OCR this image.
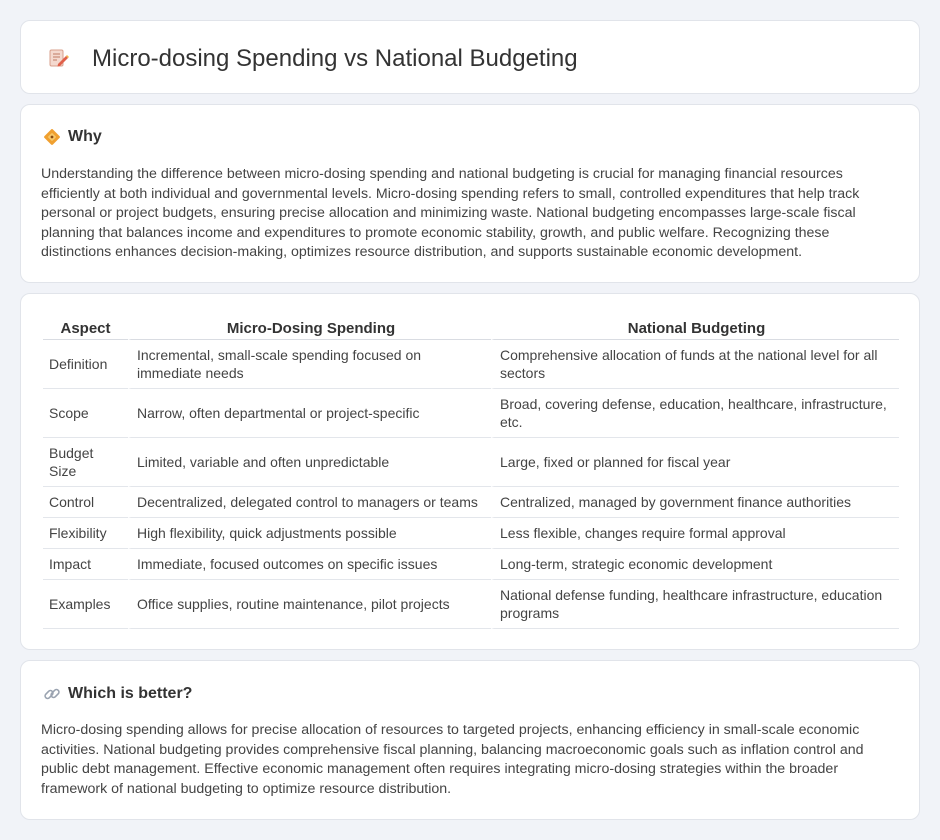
Micro-dosing Spending vs National Budgeting
Why

Understanding the difference between micro-dosing spending and national budgeting is crucial for managing financial resources efficiently at both individual and governmental levels. Micro-dosing spending refers to small, controlled expenditures that help track personal or project budgets, ensuring precise allocation and minimizing waste. National budgeting encompasses large-scale fiscal planning that balances income and expenditures to promote economic stability, growth, and public welfare. Recognizing these distinctions enhances decision-making, optimizes resource distribution, and supports sustainable economic development.

Aspect	Micro-Dosing Spending	National Budgeting
Definition	Incremental, small-scale spending focused on immediate needs	Comprehensive allocation of funds at the national level for all sectors
Scope	Narrow, often departmental or project-specific	Broad, covering defense, education, healthcare, infrastructure, etc.
Budget Size	Limited, variable and often unpredictable	Large, fixed or planned for fiscal year
Control	Decentralized, delegated control to managers or teams	Centralized, managed by government finance authorities
Flexibility	High flexibility, quick adjustments possible	Less flexible, changes require formal approval
Impact	Immediate, focused outcomes on specific issues	Long-term, strategic economic development
Examples	Office supplies, routine maintenance, pilot projects	National defense funding, healthcare infrastructure, education programs
Which is better?

Micro-dosing spending allows for precise allocation of resources to targeted projects, enhancing efficiency in small-scale economic activities. National budgeting provides comprehensive fiscal planning, balancing macroeconomic goals such as inflation control and public debt management. Effective economic management often requires integrating micro-dosing strategies within the broader framework of national budgeting to optimize resource distribution.
